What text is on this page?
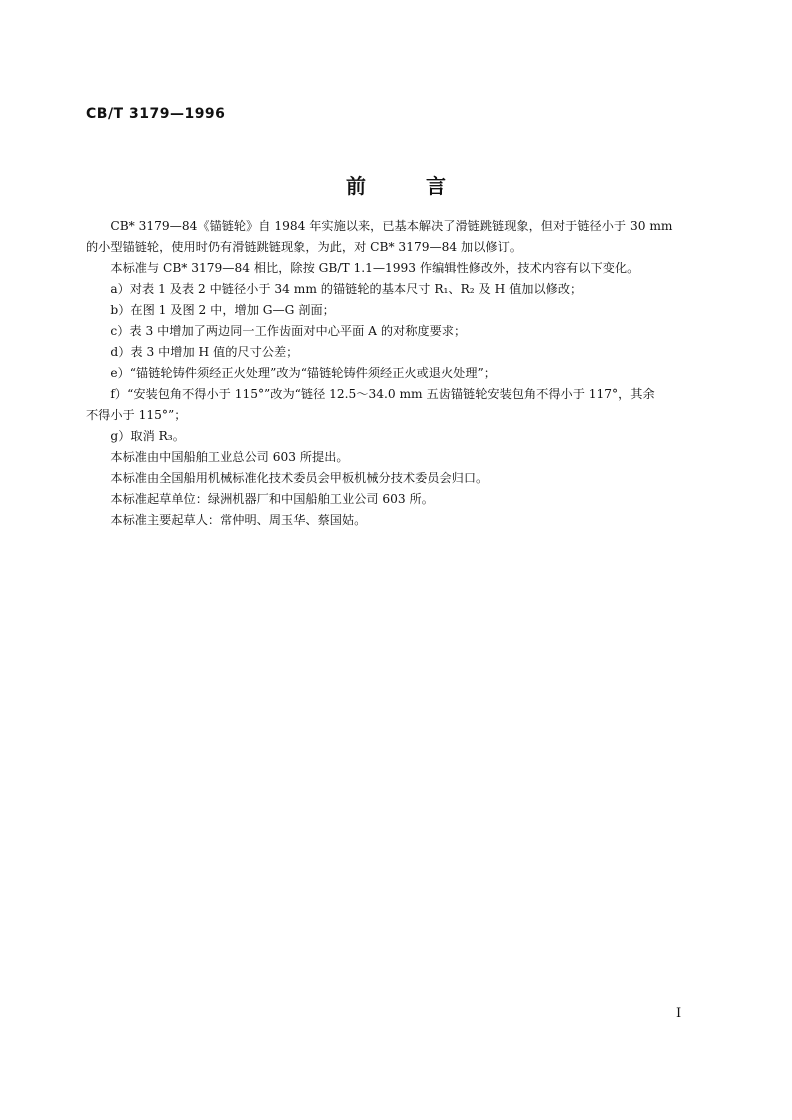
CB/T 3179—1996
前	言

CB* 3179—84《锚链轮》自 1984 年实施以来，已基本解决了滑链跳链现象，但对于链径小于 30 mm

的小型锚链轮，使用时仍有滑链跳链现象，为此，对 CB* 3179—84 加以修订。

本标准与 CB* 3179—84 相比，除按 GB/T 1.1—1993 作编辑性修改外，技术内容有以下变化。

a）对表 1 及表 2 中链径小于 34 mm 的锚链轮的基本尺寸 R₁、R₂ 及 H 值加以修改；

b）在图 1 及图 2 中，增加 G—G 剖面；

c）表 3 中增加了两边同一工作齿面对中心平面 A 的对称度要求；

d）表 3 中增加 H 值的尺寸公差；

e）“锚链轮铸件须经正火处理”改为“锚链轮铸件须经正火或退火处理”；

f）“安装包角不得小于 115°”改为“链径 12.5～34.0 mm 五齿锚链轮安装包角不得小于 117°，其余

不得小于 115°”；

g）取消 R₃。

本标准由中国船舶工业总公司 603 所提出。

本标准由全国船用机械标准化技术委员会甲板机械分技术委员会归口。

本标准起草单位：绿洲机器厂和中国船舶工业公司 603 所。

本标准主要起草人：常仲明、周玉华、蔡国姑。

I
